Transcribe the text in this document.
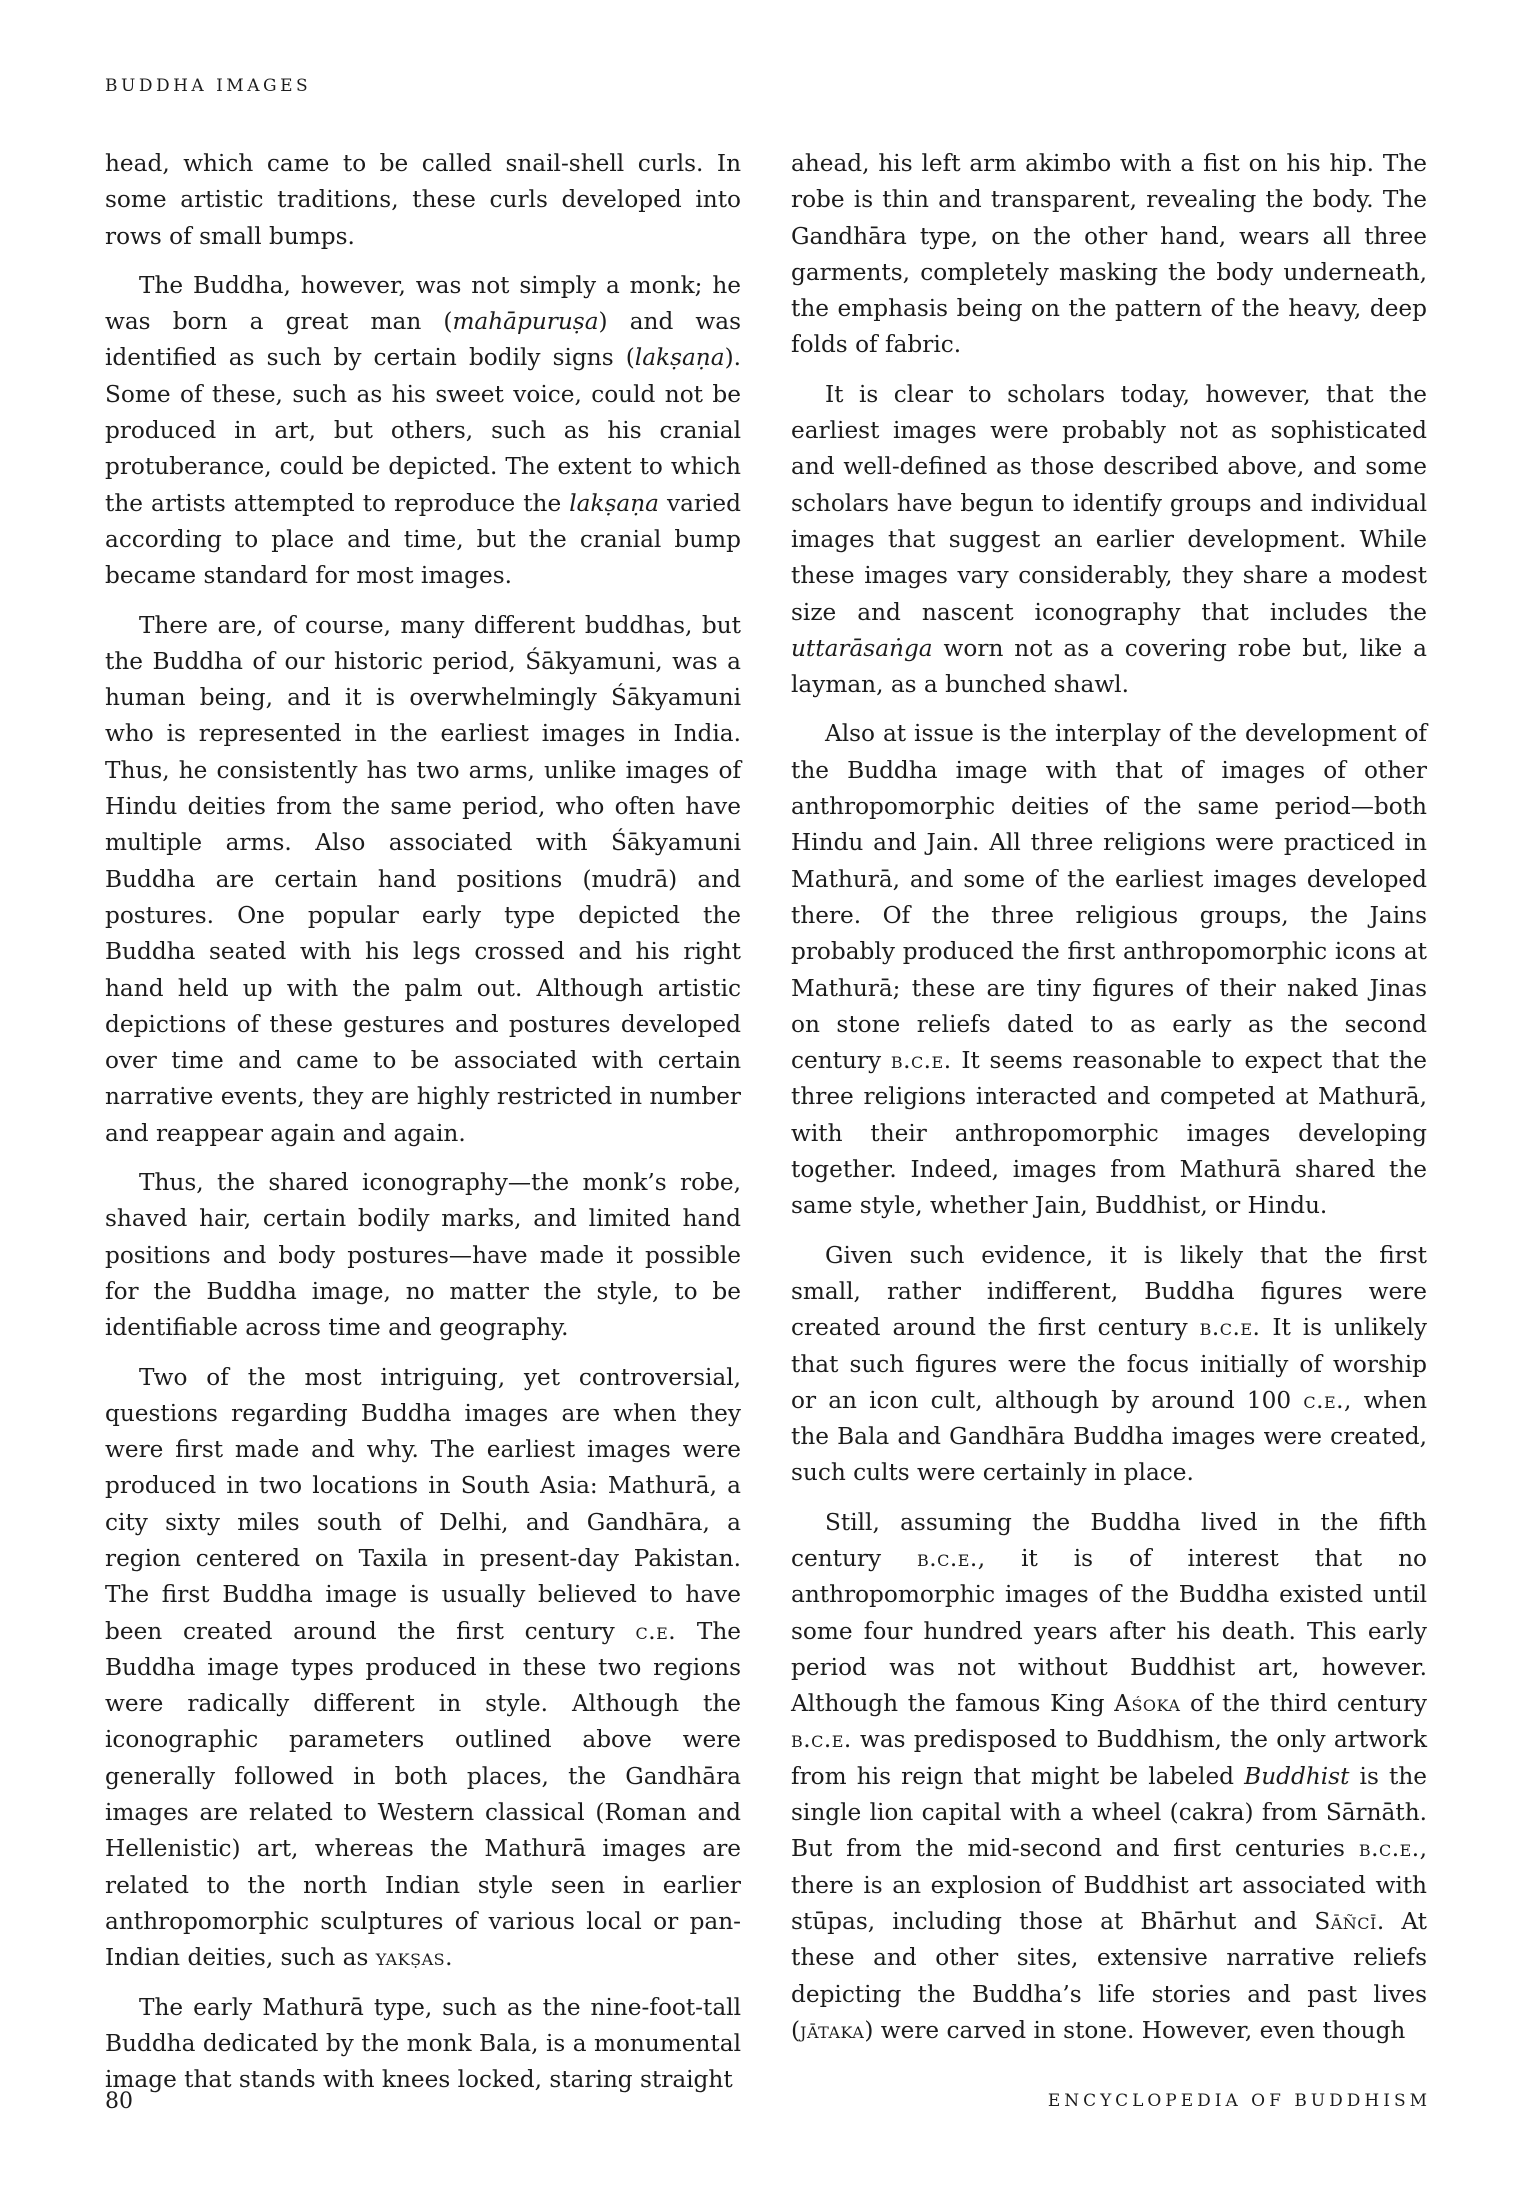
BUDDHA IMAGES

head, which came to be called snail-shell curls. In some artistic traditions, these curls developed into rows of small bumps.

The Buddha, however, was not simply a monk; he was born a great man (mahāpuruṣa) and was identified as such by certain bodily signs (lakṣaṇa). Some of these, such as his sweet voice, could not be produced in art, but others, such as his cranial protuberance, could be depicted. The extent to which the artists attempted to reproduce the lakṣaṇa varied according to place and time, but the cranial bump became standard for most images.

There are, of course, many different buddhas, but the Buddha of our historic period, Śākyamuni, was a human being, and it is overwhelmingly Śākyamuni who is represented in the earliest images in India. Thus, he consistently has two arms, unlike images of Hindu deities from the same period, who often have multiple arms. Also associated with Śākyamuni Buddha are certain hand positions (mudrā) and postures. One popular early type depicted the Buddha seated with his legs crossed and his right hand held up with the palm out. Although artistic depictions of these gestures and postures developed over time and came to be associated with certain narrative events, they are highly restricted in number and reappear again and again.

Thus, the shared iconography—the monk’s robe, shaved hair, certain bodily marks, and limited hand positions and body postures—have made it possible for the Buddha image, no matter the style, to be identifiable across time and geography.

Two of the most intriguing, yet controversial, questions regarding Buddha images are when they were first made and why. The earliest images were produced in two locations in South Asia: Mathurā, a city sixty miles south of Delhi, and Gandhāra, a region centered on Taxila in present-day Pakistan. The first Buddha image is usually believed to have been created around the first century c.e. The Buddha image types produced in these two regions were radically different in style. Although the iconographic parameters outlined above were generally followed in both places, the Gandhāra images are related to Western classical (Roman and Hellenistic) art, whereas the Mathurā images are related to the north Indian style seen in earlier anthropomorphic sculptures of various local or pan-Indian deities, such as yakṣas.

The early Mathurā type, such as the nine-foot-tall Buddha dedicated by the monk Bala, is a monumental image that stands with knees locked, staring straight

ahead, his left arm akimbo with a fist on his hip. The robe is thin and transparent, revealing the body. The Gandhāra type, on the other hand, wears all three garments, completely masking the body underneath, the emphasis being on the pattern of the heavy, deep folds of fabric.

It is clear to scholars today, however, that the earliest images were probably not as sophisticated and well-defined as those described above, and some scholars have begun to identify groups and individual images that suggest an earlier development. While these images vary considerably, they share a modest size and nascent iconography that includes the uttarāsaṅga worn not as a covering robe but, like a layman, as a bunched shawl.

Also at issue is the interplay of the development of the Buddha image with that of images of other anthropomorphic deities of the same period—both Hindu and Jain. All three religions were practiced in Mathurā, and some of the earliest images developed there. Of the three religious groups, the Jains probably produced the first anthropomorphic icons at Mathurā; these are tiny figures of their naked Jinas on stone reliefs dated to as early as the second century b.c.e. It seems reasonable to expect that the three religions interacted and competed at Mathurā, with their anthropomorphic images developing together. Indeed, images from Mathurā shared the same style, whether Jain, Buddhist, or Hindu.

Given such evidence, it is likely that the first small, rather indifferent, Buddha figures were created around the first century b.c.e. It is unlikely that such figures were the focus initially of worship or an icon cult, although by around 100 c.e., when the Bala and Gandhāra Buddha images were created, such cults were certainly in place.

Still, assuming the Buddha lived in the fifth century b.c.e., it is of interest that no anthropomorphic images of the Buddha existed until some four hundred years after his death. This early period was not without Buddhist art, however. Although the famous King Aśoka of the third century b.c.e. was predisposed to Buddhism, the only artwork from his reign that might be labeled Buddhist is the single lion capital with a wheel (cakra) from Sārnāth. But from the mid-second and first centuries b.c.e., there is an explosion of Buddhist art associated with stūpas, including those at Bhārhut and Sāñcī. At these and other sites, extensive narrative reliefs depicting the Buddha’s life stories and past lives (jātaka) were carved in stone. However, even though

80	ENCYCLOPEDIA OF BUDDHISM
